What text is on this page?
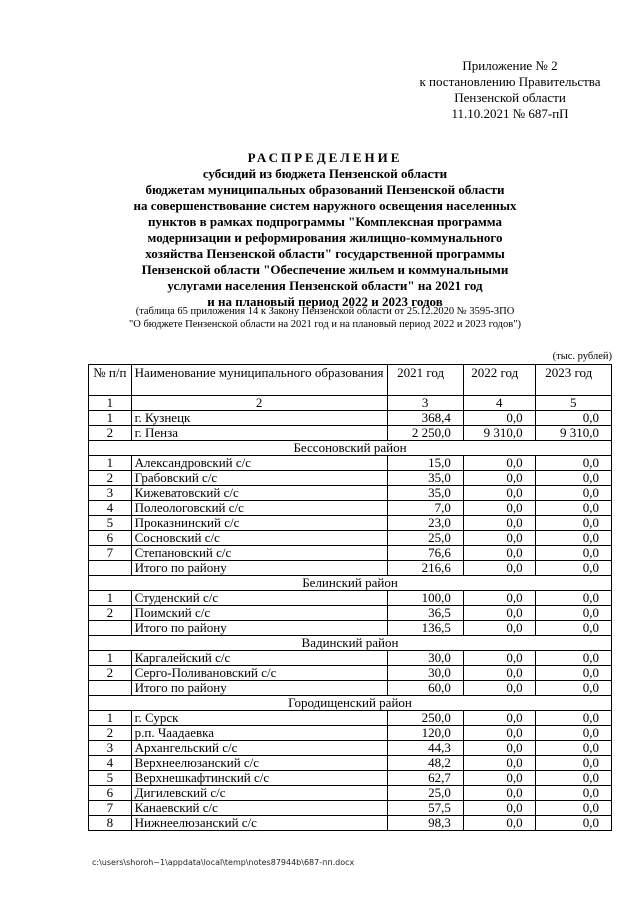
Приложение № 2
к постановлению Правительства
Пензенской области
11.10.2021 № 687-пП
РАСПРЕДЕЛЕНИЕ
субсидий из бюджета Пензенской области
бюджетам муниципальных образований Пензенской области
на совершенствование систем наружного освещения населенных
пунктов в рамках подпрограммы "Комплексная программа
модернизации и реформирования жилищно-коммунального
хозяйства Пензенской области" государственной программы
Пензенской области "Обеспечение жильем и коммунальными
услугами населения Пензенской области" на 2021 год
и на плановый период 2022 и 2023 годов
(таблица 65 приложения 14 к Закону Пензенской области от 25.12.2020 № 3595-ЗПО
"О бюджете Пензенской области на 2021 год и на плановый период 2022 и 2023 годов")
(тыс. рублей)
№ п/п	Наименование муниципального образования	2021 год	2022 год	2023 год
1	2	3	4	5
1	г. Кузнецк	368,4	0,0	0,0
2	г. Пенза	2 250,0	9 310,0	9 310,0
Бессоновский район				
1	Александровский с/с	15,0	0,0	0,0
2	Грабовский с/с	35,0	0,0	0,0
3	Кижеватовский с/с	35,0	0,0	0,0
4	Полеологовский с/с	7,0	0,0	0,0
5	Проказнинский с/с	23,0	0,0	0,0
6	Сосновский с/с	25,0	0,0	0,0
7	Степановский с/с	76,6	0,0	0,0
	Итого по району	216,6	0,0	0,0
Белинский район				
1	Студенский с/с	100,0	0,0	0,0
2	Поимский с/с	36,5	0,0	0,0
	Итого по району	136,5	0,0	0,0
Вадинский район				
1	Каргалейский с/с	30,0	0,0	0,0
2	Серго-Поливановский с/с	30,0	0,0	0,0
	Итого по району	60,0	0,0	0,0
Городищенский район				
1	г. Сурск	250,0	0,0	0,0
2	р.п. Чаадаевка	120,0	0,0	0,0
3	Архангельский с/с	44,3	0,0	0,0
4	Верхнеелюзанский с/с	48,2	0,0	0,0
5	Верхнешкафтинский с/с	62,7	0,0	0,0
6	Дигилевский с/с	25,0	0,0	0,0
7	Канаевский с/с	57,5	0,0	0,0
8	Нижнеелюзанский с/с	98,3	0,0	0,0
c:\users\shoroh~1\appdata\local\temp\notes87944b\687-пп.docx
